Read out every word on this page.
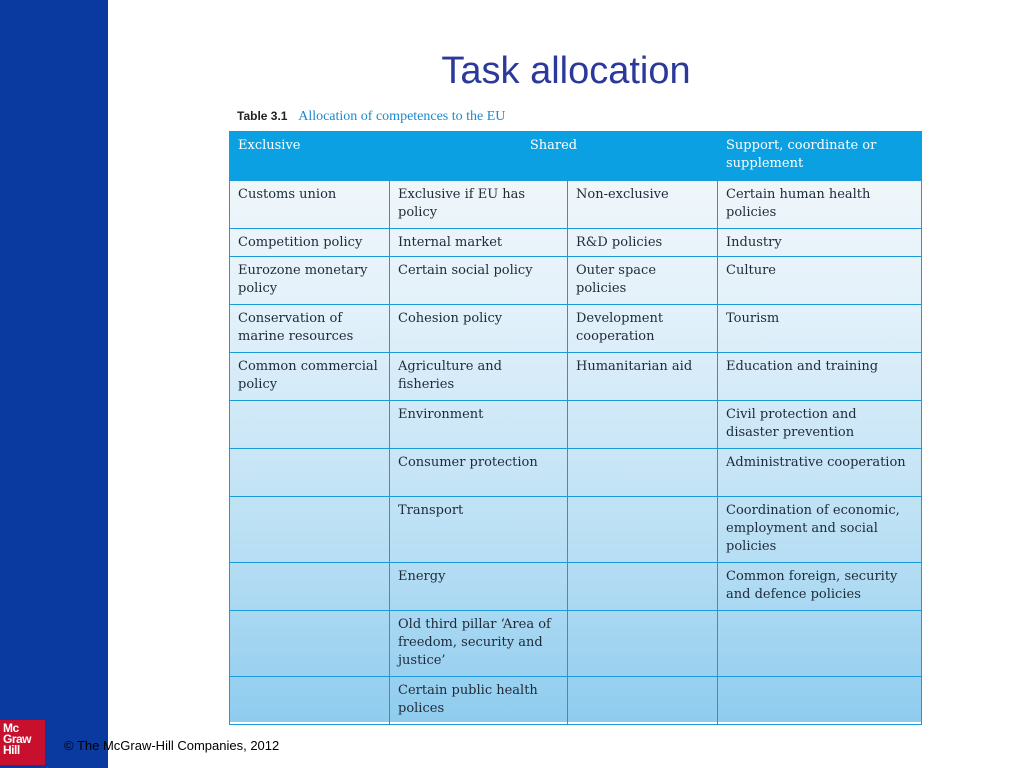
Task allocation
Table 3.1 Allocation of competences to the EU
Exclusive	Shared		Support, coordinate or supplement
Customs union	Exclusive if EU has policy	Non-exclusive	Certain human health policies
Competition policy	Internal market	R&D policies	Industry
Eurozone monetary policy	Certain social policy	Outer space policies	Culture
Conservation of marine resources	Cohesion policy	Development cooperation	Tourism
Common commercial policy	Agriculture and fisheries	Humanitarian aid	Education and training
	Environment		Civil protection and disaster prevention
	Consumer protection		Administrative cooperation
	Transport		Coordination of economic, employment and social policies
	Energy		Common foreign, security and defence policies
	Old third pillar ‘Area of freedom, security and justice’		
	Certain public health polices		
Mc
Graw
Hill	© The McGraw-Hill Companies, 2012
